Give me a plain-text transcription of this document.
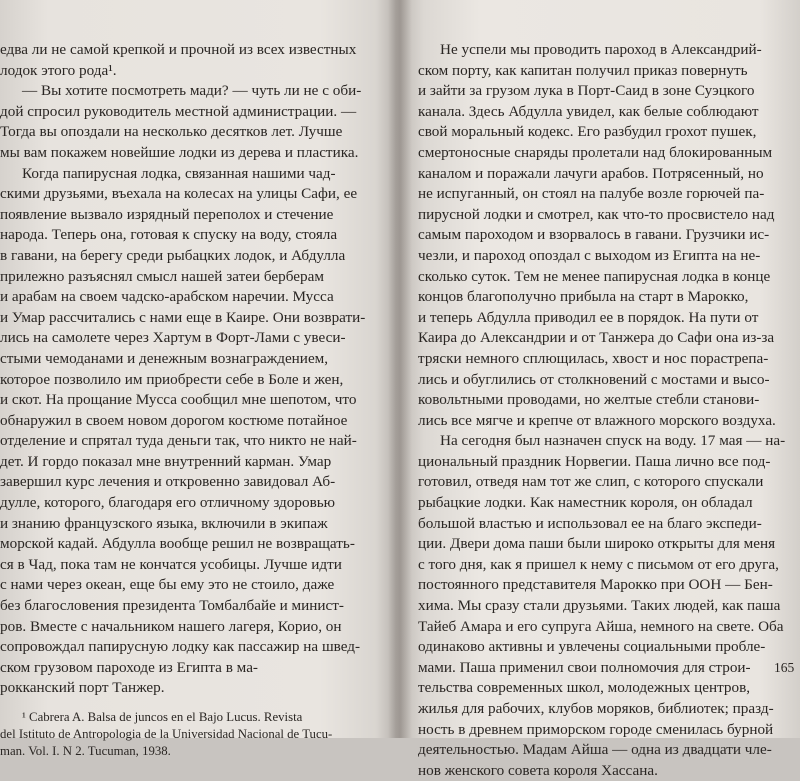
едва ли не самой крепкой и прочной из всех известных
лодок этого рода¹.
— Вы хотите посмотреть мади? — чуть ли не с оби-
дой спросил руководитель местной администрации. —
Тогда вы опоздали на несколько десятков лет. Лучше
мы вам покажем новейшие лодки из дерева и пластика.
Когда папирусная лодка, связанная нашими чад-
скими друзьями, въехала на колесах на улицы Сафи, ее
появление вызвало изрядный переполох и стечение
народа. Теперь она, готовая к спуску на воду, стояла
в гавани, на берегу среди рыбацких лодок, и Абдулла
прилежно разъяснял смысл нашей затеи берберам
и арабам на своем чадско-арабском наречии. Мусса
и Умар рассчитались с нами еще в Каире. Они возврати-
лись на самолете через Хартум в Форт-Лами с увеси-
стыми чемоданами и денежным вознаграждением,
которое позволило им приобрести себе в Боле и жен,
и скот. На прощание Мусса сообщил мне шепотом, что
обнаружил в своем новом дорогом костюме потайное
отделение и спрятал туда деньги так, что никто не най-
дет. И гордо показал мне внутренний карман. Умар
завершил курс лечения и откровенно завидовал Аб-
дулле, которого, благодаря его отличному здоровью
и знанию французского языка, включили в экипаж
морской кадай. Абдулла вообще решил не возвращать-
ся в Чад, пока там не кончатся усобицы. Лучше идти
с нами через океан, еще бы ему это не стоило, даже
без благословения президента Томбалбайе и минист-
ров. Вместе с начальником нашего лагеря, Корио, он
сопровождал папирусную лодку как пассажир на швед-
ском грузовом пароходе из Египта в ма-
рокканский порт Танжер.
¹ Cabrera A. Balsa de juncos en el Bajo Lucus. Revista
del Istituto de Antropologia de la Universidad Nacional de Tucu-
man. Vol. I. N 2. Tucuman, 1938.
Не успели мы проводить пароход в Александрий-
ском порту, как капитан получил приказ повернуть
и зайти за грузом лука в Порт-Саид в зоне Суэцкого
канала. Здесь Абдулла увидел, как белые соблюдают
свой моральный кодекс. Его разбудил грохот пушек,
смертоносные снаряды пролетали над блокированным
каналом и поражали лачуги арабов. Потрясенный, но
не испуганный, он стоял на палубе возле горючей па-
пирусной лодки и смотрел, как что-то просвистело над
самым пароходом и взорвалось в гавани. Грузчики ис-
чезли, и пароход опоздал с выходом из Египта на не-
сколько суток. Тем не менее папирусная лодка в конце
концов благополучно прибыла на старт в Марокко,
и теперь Абдулла приводил ее в порядок. На пути от
Каира до Александрии и от Танжера до Сафи она из-за
тряски немного сплющилась, хвост и нос порастрепа-
лись и обуглились от столкновений с мостами и высо-
ковольтными проводами, но желтые стебли станови-
лись все мягче и крепче от влажного морского воздуха.
На сегодня был назначен спуск на воду. 17 мая — на-
циональный праздник Норвегии. Паша лично все под-
готовил, отведя нам тот же слип, с которого спускали
рыбацкие лодки. Как наместник короля, он обладал
большой властью и использовал ее на благо экспеди-
ции. Двери дома паши были широко открыты для меня
с того дня, как я пришел к нему с письмом от его друга,
постоянного представителя Марокко при ООН — Бен-
хима. Мы сразу стали друзьями. Таких людей, как паша
Тайеб Амара и его супруга Айша, немного на свете. Оба
одинаково активны и увлечены социальными пробле-
мами. Паша применил свои полномочия для строи-
тельства современных школ, молодежных центров,
жилья для рабочих, клубов моряков, библиотек; празд-
ность в древнем приморском городе сменилась бурной
деятельностью. Мадам Айша — одна из двадцати чле-
нов женского совета короля Хассана.
165
